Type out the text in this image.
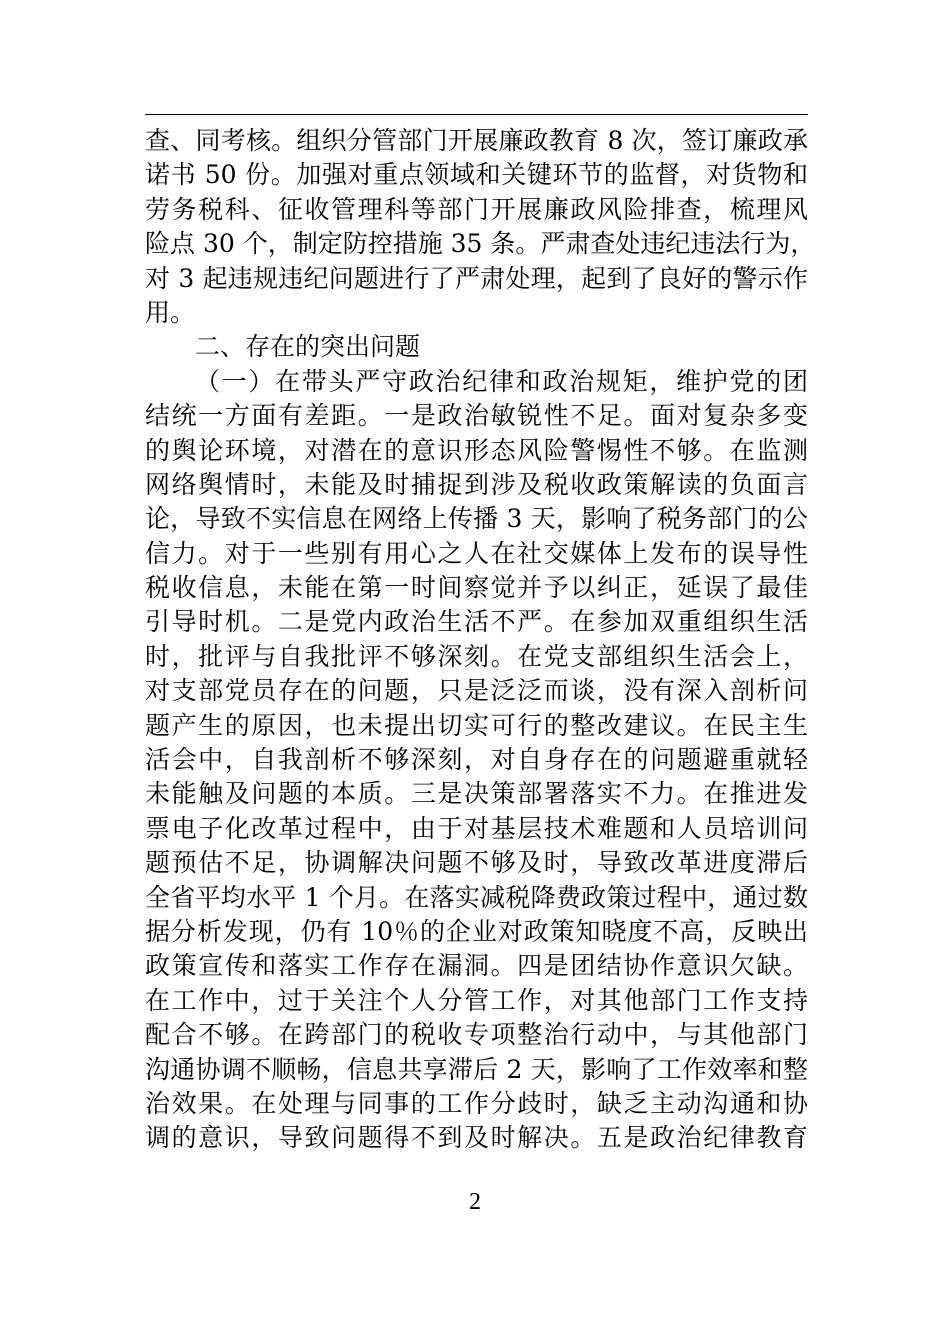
查、同考核。组织分管部门开展廉政教育 8 次，签订廉政承
诺书 50 份。加强对重点领域和关键环节的监督，对货物和
劳务税科、征收管理科等部门开展廉政风险排查，梳理风
险点 30 个，制定防控措施 35 条。严肃查处违纪违法行为，
对 3 起违规违纪问题进行了严肃处理，起到了良好的警示作
用。
二、存在的突出问题
（一）在带头严守政治纪律和政治规矩，维护党的团
结统一方面有差距。一是政治敏锐性不足。面对复杂多变
的舆论环境，对潜在的意识形态风险警惕性不够。在监测
网络舆情时，未能及时捕捉到涉及税收政策解读的负面言
论，导致不实信息在网络上传播 3 天，影响了税务部门的公
信力。对于一些别有用心之人在社交媒体上发布的误导性
税收信息，未能在第一时间察觉并予以纠正，延误了最佳
引导时机。二是党内政治生活不严。在参加双重组织生活
时，批评与自我批评不够深刻。在党支部组织生活会上，
对支部党员存在的问题，只是泛泛而谈，没有深入剖析问
题产生的原因，也未提出切实可行的整改建议。在民主生
活会中，自我剖析不够深刻，对自身存在的问题避重就轻
未能触及问题的本质。三是决策部署落实不力。在推进发
票电子化改革过程中，由于对基层技术难题和人员培训问
题预估不足，协调解决问题不够及时，导致改革进度滞后
全省平均水平 1 个月。在落实减税降费政策过程中，通过数
据分析发现，仍有 10％的企业对政策知晓度不高，反映出
政策宣传和落实工作存在漏洞。四是团结协作意识欠缺。
在工作中，过于关注个人分管工作，对其他部门工作支持
配合不够。在跨部门的税收专项整治行动中，与其他部门
沟通协调不顺畅，信息共享滞后 2 天，影响了工作效率和整
治效果。在处理与同事的工作分歧时，缺乏主动沟通和协
调的意识，导致问题得不到及时解决。五是政治纪律教育
2
